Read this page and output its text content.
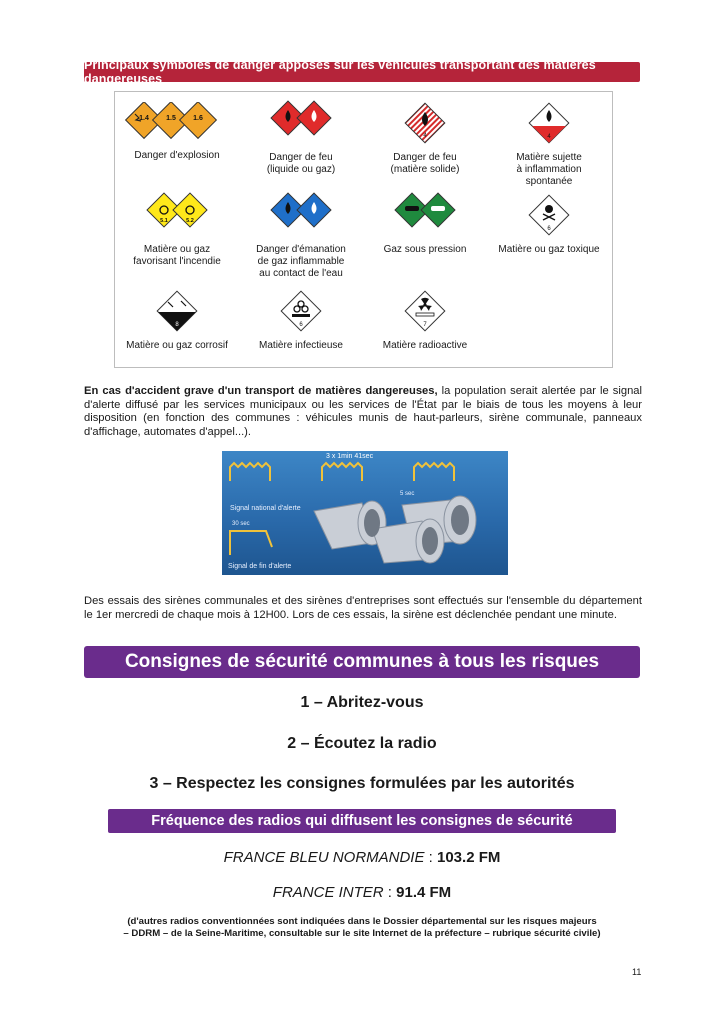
Principaux symboles de danger apposés sur les véhicules transportant des matières dangereuses
1.4 1.5 1.6
Danger d'explosion	Danger de feu
(liquide ou gaz)
4
Danger de feu
(matière solide)
4
Matière sujette
à inflammation
spontanée
5.1	5.2
Matière ou gaz
favorisant l'incendie
Danger d'émanation
de gaz inflammable
au contact de l'eau
Gaz sous pression
6
Matière ou gaz toxique
8
Matière ou gaz corrosif
6
Matière infectieuse
7
Matière radioactive
En cas d'accident grave d'un transport de matières dangereuses, la population serait alertée par le signal d'alerte diffusé par les services municipaux ou les services de l'État par le biais de tous les moyens à leur disposition (en fonction des communes : véhicules munis de haut-parleurs, sirène communale, panneaux d'affichage, automates d'appel...).
3 x 1min 41sec
Signal national d'alerte
5 sec
30 sec
Signal de fin d'alerte
Des essais des sirènes communales et des sirènes d'entreprises sont effectués sur l'ensemble du département le 1er mercredi de chaque mois à 12H00. Lors de ces essais, la sirène est déclenchée pendant une minute.
Consignes de sécurité communes à tous les risques
1 – Abritez-vous
2 – Écoutez la radio
3 – Respectez les consignes formulées par les autorités
Fréquence des radios qui diffusent les consignes de sécurité
FRANCE BLEU NORMANDIE : 103.2 FM
FRANCE INTER : 91.4 FM
(d'autres radios conventionnées sont indiquées dans le Dossier départemental sur les risques majeurs
– DDRM – de la Seine-Maritime, consultable sur le site Internet de la préfecture – rubrique sécurité civile)
11
